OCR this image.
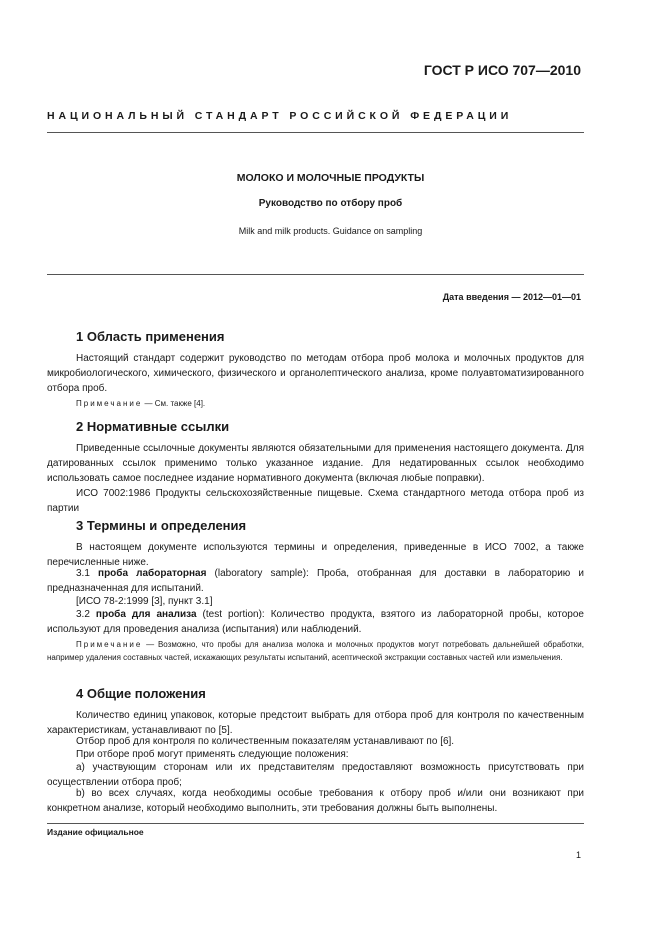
ГОСТ Р ИСО 707—2010
НАЦИОНАЛЬНЫЙ СТАНДАРТ РОССИЙСКОЙ ФЕДЕРАЦИИ
МОЛОКО И МОЛОЧНЫЕ ПРОДУКТЫ
Руководство по отбору проб
Milk and milk products. Guidance on sampling
Дата введения — 2012—01—01
1 Область применения
Настоящий стандарт содержит руководство по методам отбора проб молока и молочных продуктов для микробиологического, химического, физического и органолептического анализа, кроме полуавтоматизированного отбора проб.
Примечание — См. также [4].
2 Нормативные ссылки
Приведенные ссылочные документы являются обязательными для применения настоящего документа. Для датированных ссылок применимо только указанное издание. Для недатированных ссылок необходимо использовать самое последнее издание нормативного документа (включая любые поправки).
ИСО 7002:1986 Продукты сельскохозяйственные пищевые. Схема стандартного метода отбора проб из партии
3 Термины и определения
В настоящем документе используются термины и определения, приведенные в ИСО 7002, а также перечисленные ниже.
3.1 проба лабораторная (laboratory sample): Проба, отобранная для доставки в лабораторию и предназначенная для испытаний.
[ИСО 78-2:1999 [3], пункт 3.1]
3.2 проба для анализа (test portion): Количество продукта, взятого из лабораторной пробы, которое используют для проведения анализа (испытания) или наблюдений.
Примечание — Возможно, что пробы для анализа молока и молочных продуктов могут потребовать дальнейшей обработки, например удаления составных частей, искажающих результаты испытаний, асептической экстракции составных частей или измельчения.
4 Общие положения
Количество единиц упаковок, которые предстоит выбрать для отбора проб для контроля по качественным характеристикам, устанавливают по [5].
Отбор проб для контроля по количественным показателям устанавливают по [6].
При отборе проб могут применять следующие положения:
а) участвующим сторонам или их представителям предоставляют возможность присутствовать при осуществлении отбора проб;
b) во всех случаях, когда необходимы особые требования к отбору проб и/или они возникают при конкретном анализе, который необходимо выполнить, эти требования должны быть выполнены.
Издание официальное
1
